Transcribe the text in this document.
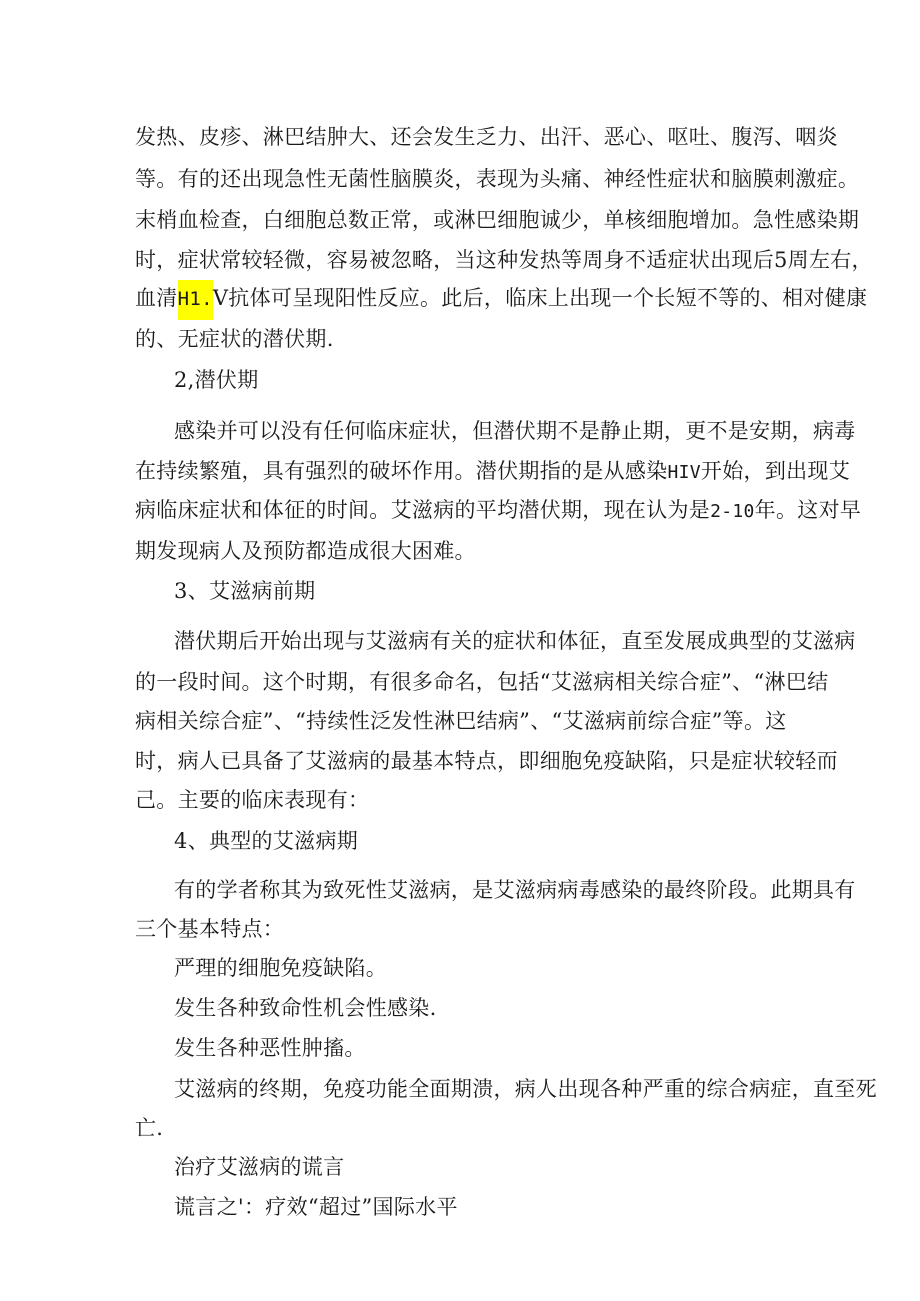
发热、皮疹、淋巴结肿大、还会发生乏力、出汗、恶心、呕吐、腹泻、咽炎
等。有的还出现急性无菌性脑膜炎，表现为头痛、神经性症状和脑膜刺激症。
末梢血检查，白细胞总数正常，或淋巴细胞诚少，单核细胞增加。急性感染期
时，症状常较轻微，容易被忽略，当这种发热等周身不适症状出现后5周左右，
血清H1.V抗体可呈现阳性反应。此后，临床上出现一个长短不等的、相对健康
的、无症状的潜伏期.
2,潜伏期
感染并可以没有任何临床症状，但潜伏期不是静止期，更不是安期，病毒
在持续繁殖，具有强烈的破坏作用。潜伏期指的是从感染HIV开始，到出现艾
病临床症状和体征的时间。艾滋病的平均潜伏期，现在认为是2-10年。这对早
期发现病人及预防都造成很大困难。
3、艾滋病前期
潜伏期后开始出现与艾滋病有关的症状和体征，直至发展成典型的艾滋病
的一段时间。这个时期，有很多命名，包括“艾滋病相关综合症”、“淋巴结
病相关综合症”、“持续性泛发性淋巴结病”、“艾滋病前综合症”等。这
时，病人已具备了艾滋病的最基本特点，即细胞免疫缺陷，只是症状较轻而
己。主要的临床表现有：
4、典型的艾滋病期
有的学者称其为致死性艾滋病，是艾滋病病毒感染的最终阶段。此期具有
三个基本特点：
严理的细胞免疫缺陷。
发生各种致命性机会性感染.
发生各种恶性肿搐。
艾滋病的终期，免疫功能全面期溃，病人出现各种严重的综合病症，直至死
亡.
治疗艾滋病的谎言
谎言之'：疗效“超过”国际水平
